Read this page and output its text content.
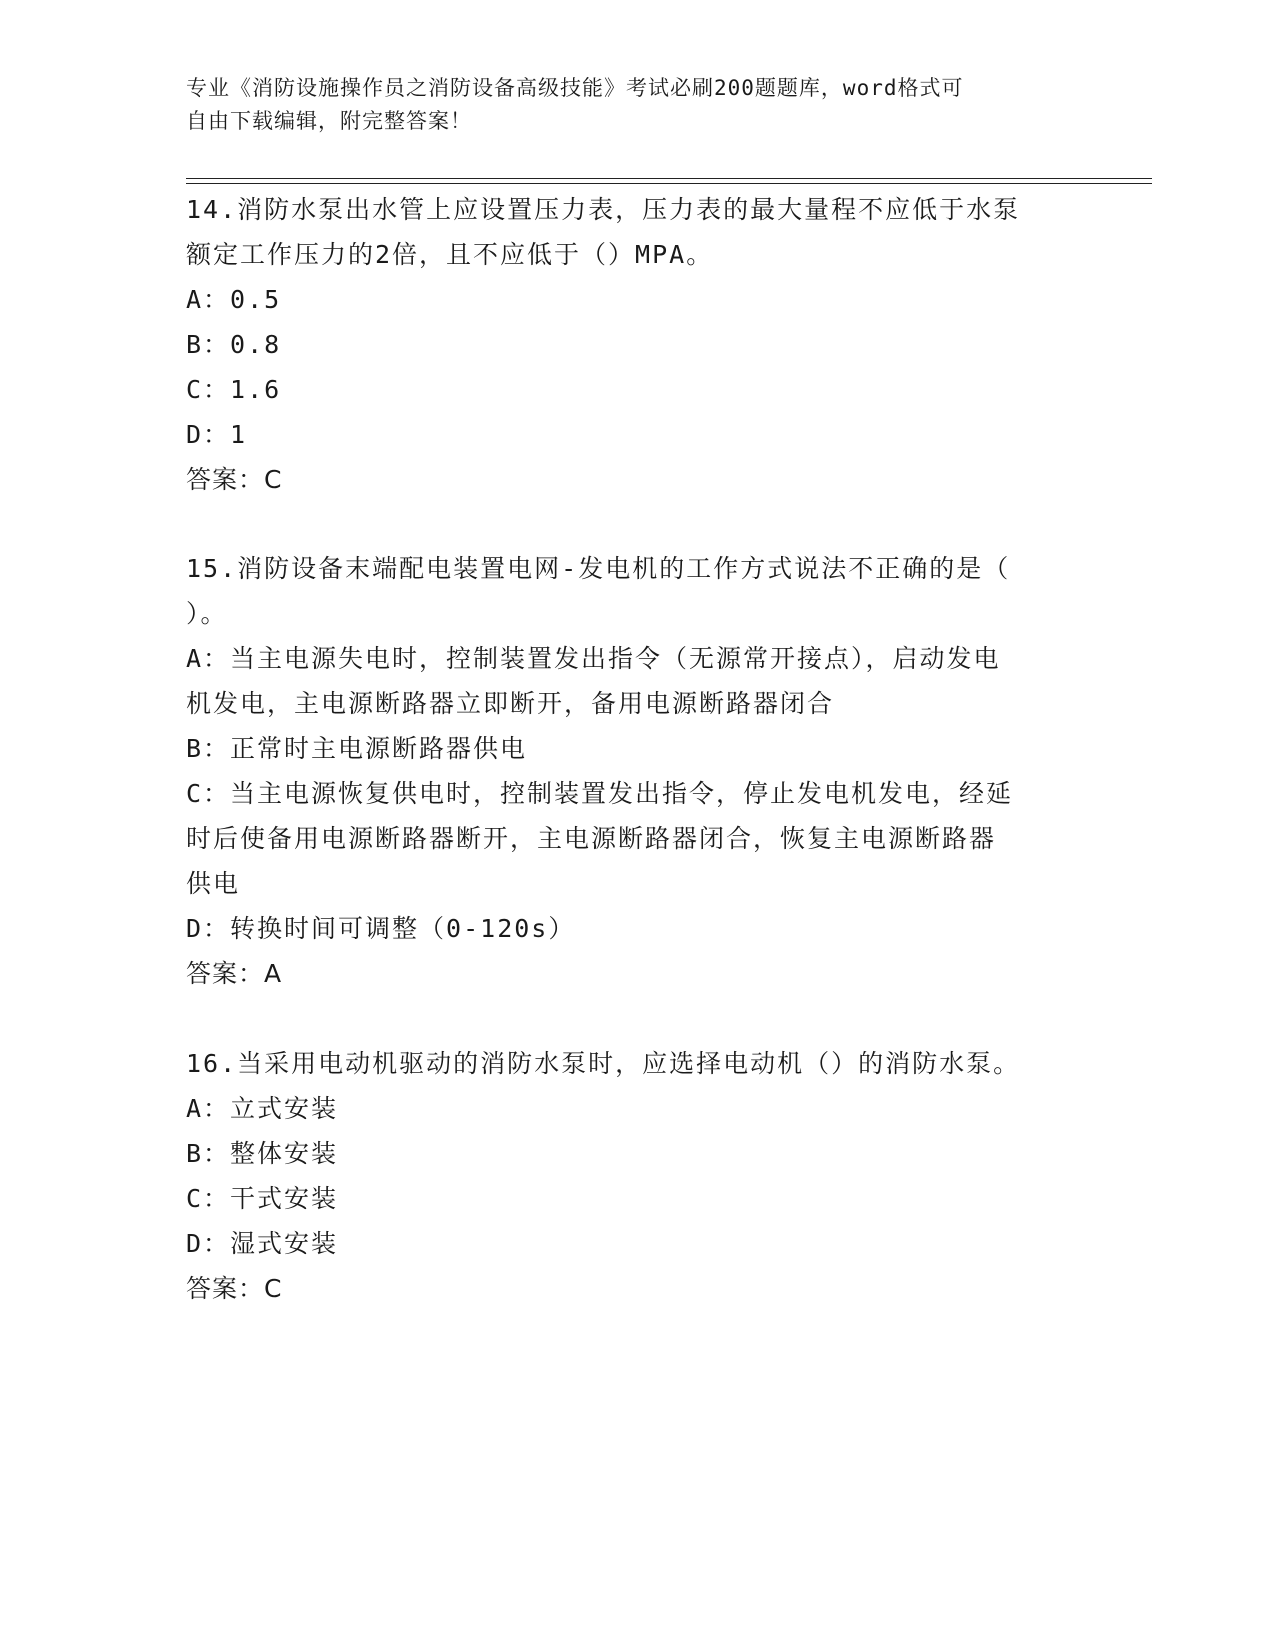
专业《消防设施操作员之消防设备高级技能》考试必刷200题题库，word格式可
自由下载编辑，附完整答案！
14.消防水泵出水管上应设置压力表，压力表的最大量程不应低于水泵
额定工作压力的2倍，且不应低于（）MPA。
A：0.5
B：0.8
C：1.6
D：1
答案：C
15.消防设备末端配电装置电网-发电机的工作方式说法不正确的是（
）。
A：当主电源失电时，控制装置发出指令（无源常开接点），启动发电
机发电，主电源断路器立即断开，备用电源断路器闭合
B：正常时主电源断路器供电
C：当主电源恢复供电时，控制装置发出指令，停止发电机发电，经延
时后使备用电源断路器断开，主电源断路器闭合，恢复主电源断路器
供电
D：转换时间可调整（0-120s）
答案：A
16.当采用电动机驱动的消防水泵时，应选择电动机（）的消防水泵。
A：立式安装
B：整体安装
C：干式安装
D：湿式安装
答案：C
